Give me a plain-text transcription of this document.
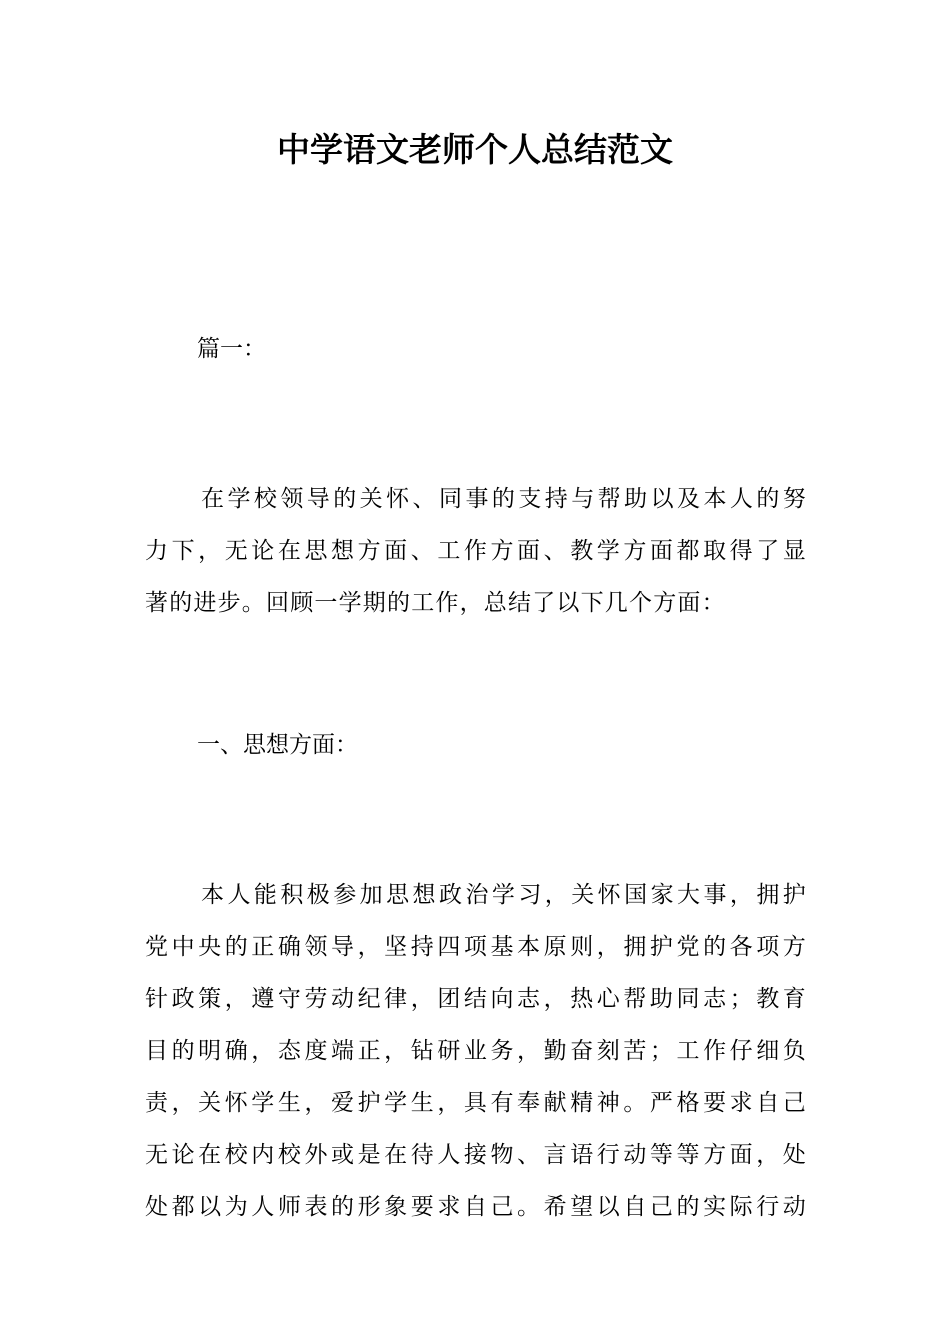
中学语文老师个人总结范文
篇一：
在学校领导的关怀、同事的支持与帮助以及本人的努
力下，无论在思想方面、工作方面、教学方面都取得了显
著的进步。回顾一学期的工作，总结了以下几个方面：
一、思想方面：
本人能积极参加思想政治学习，关怀国家大事，拥护
党中央的正确领导，坚持四项基本原则，拥护党的各项方
针政策，遵守劳动纪律，团结向志，热心帮助同志；教育
目的明确，态度端正，钻研业务，勤奋刻苦；工作仔细负
责，关怀学生，爱护学生，具有奉献精神。严格要求自己
无论在校内校外或是在待人接物、言语行动等等方面，处
处都以为人师表的形象要求自己。希望以自己的实际行动
